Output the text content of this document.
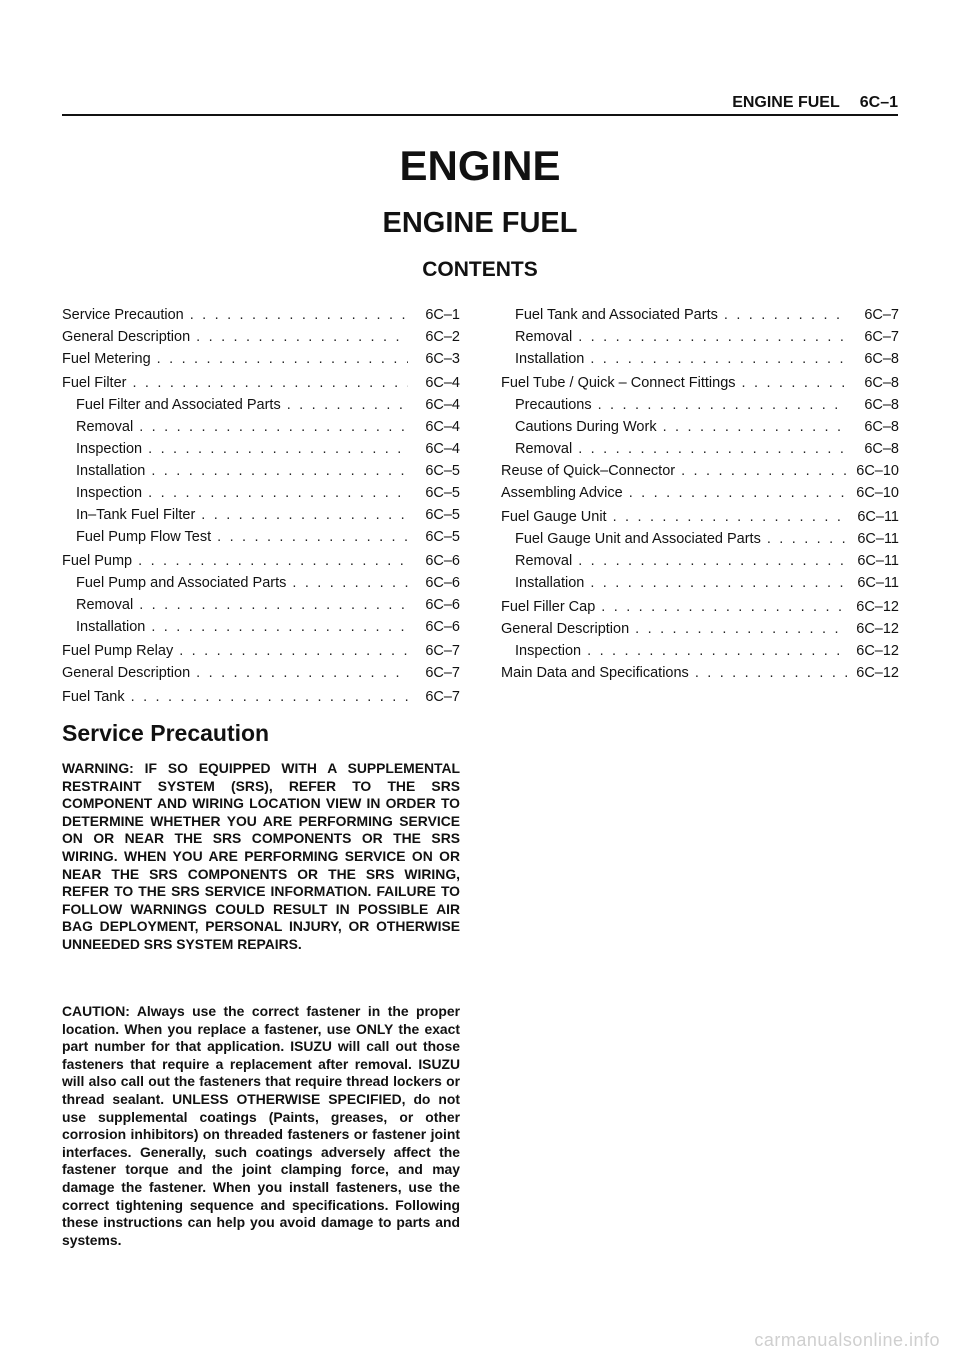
ENGINE FUEL 6C–1
ENGINE
ENGINE FUEL
CONTENTS
Service Precaution . . .	6C–1
General Description . . .	6C–2
Fuel Metering . . .	6C–3
Fuel Filter . . .	6C–4
Fuel Filter and Associated Parts . . .	6C–4
Removal . . .	6C–4
Inspection . . .	6C–4
Installation . . .	6C–5
Inspection . . .	6C–5
In–Tank Fuel Filter . . .	6C–5
Fuel Pump Flow Test . . .	6C–5
Fuel Pump . . .	6C–6
Fuel Pump and Associated Parts . . .	6C–6
Removal . . .	6C–6
Installation . . .	6C–6
Fuel Pump Relay . . .	6C–7
General Description . . .	6C–7
Fuel Tank . . .	6C–7
Fuel Tank and Associated Parts . . .	6C–7
Removal . . .	6C–7
Installation . . .	6C–8
Fuel Tube / Quick – Connect Fittings . . .	6C–8
Precautions . . .	6C–8
Cautions During Work . . .	6C–8
Removal . . .	6C–8
Reuse of Quick–Connector . . .	6C–10
Assembling Advice . . .	6C–10
Fuel Gauge Unit . . .	6C–11
Fuel Gauge Unit and Associated Parts . . .	6C–11
Removal . . .	6C–11
Installation . . .	6C–11
Fuel Filler Cap . . .	6C–12
General Description . . .	6C–12
Inspection . . .	6C–12
Main Data and Specifications . . .	6C–12
Service Precaution
WARNING: IF SO EQUIPPED WITH A SUPPLEMENTAL RESTRAINT SYSTEM (SRS), REFER TO THE SRS COMPONENT AND WIRING LOCATION VIEW IN ORDER TO DETERMINE WHETHER YOU ARE PERFORMING SERVICE ON OR NEAR THE SRS COMPONENTS OR THE SRS WIRING. WHEN YOU ARE PERFORMING SERVICE ON OR NEAR THE SRS COMPONENTS OR THE SRS WIRING, REFER TO THE SRS SERVICE INFORMATION. FAILURE TO FOLLOW WARNINGS COULD RESULT IN POSSIBLE AIR BAG DEPLOYMENT, PERSONAL INJURY, OR OTHERWISE UNNEEDED SRS SYSTEM REPAIRS.
CAUTION: Always use the correct fastener in the proper location. When you replace a fastener, use ONLY the exact part number for that application. ISUZU will call out those fasteners that require a replacement after removal. ISUZU will also call out the fasteners that require thread lockers or thread sealant. UNLESS OTHERWISE SPECIFIED, do not use supplemental coatings (Paints, greases, or other corrosion inhibitors) on threaded fasteners or fastener joint interfaces. Generally, such coatings adversely affect the fastener torque and the joint clamping force, and may damage the fastener. When you install fasteners, use the correct tightening sequence and specifications. Following these instructions can help you avoid damage to parts and systems.
carmanualsonline.info
